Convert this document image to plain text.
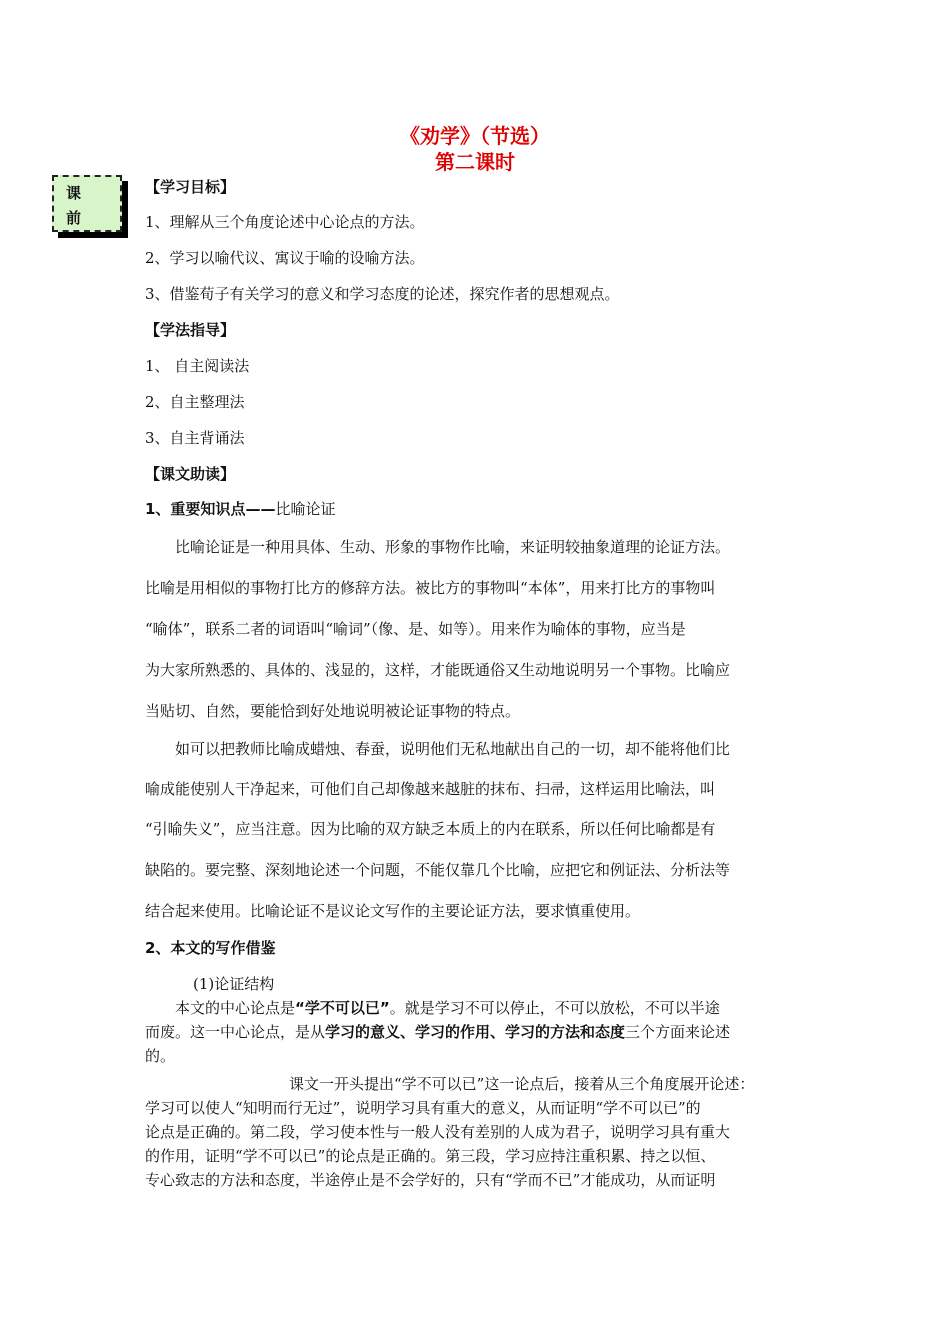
《劝学》（节选）
第二课时
课
前
【学习目标】
1、理解从三个角度论述中心论点的方法。
2、学习以喻代议、寓议于喻的设喻方法。
3、借鉴荀子有关学习的意义和学习态度的论述，探究作者的思想观点。
【学法指导】
1、 自主阅读法
2、自主整理法
3、自主背诵法
【课文助读】
1、重要知识点——比喻论证
　　比喻论证是一种用具体、生动、形象的事物作比喻，来证明较抽象道理的论证方法。
比喻是用相似的事物打比方的修辞方法。被比方的事物叫“本体”，用来打比方的事物叫
“喻体”，联系二者的词语叫“喻词”（像、是、如等）。用来作为喻体的事物，应当是
为大家所熟悉的、具体的、浅显的，这样，才能既通俗又生动地说明另一个事物。比喻应
当贴切、自然，要能恰到好处地说明被论证事物的特点。
　　如可以把教师比喻成蜡烛、春蚕，说明他们无私地献出自己的一切，却不能将他们比
喻成能使别人干净起来，可他们自己却像越来越脏的抹布、扫帚，这样运用比喻法，叫
“引喻失义”，应当注意。因为比喻的双方缺乏本质上的内在联系，所以任何比喻都是有
缺陷的。要完整、深刻地论述一个问题，不能仅靠几个比喻，应把它和例证法、分析法等
结合起来使用。比喻论证不是议论文写作的主要论证方法，要求慎重使用。
2、本文的写作借鉴
(1)论证结构
本文的中心论点是“学不可以已”。就是学习不可以停止，不可以放松，不可以半途
而废。这一中心论点，是从学习的意义、学习的作用、学习的方法和态度三个方面来论述
的。
课文一开头提出“学不可以已”这一论点后，接着从三个角度展开论述：
学习可以使人“知明而行无过”，说明学习具有重大的意义，从而证明“学不可以已”的
论点是正确的。第二段，学习使本性与一般人没有差别的人成为君子，说明学习具有重大
的作用，证明“学不可以已”的论点是正确的。第三段，学习应持注重积累、持之以恒、
专心致志的方法和态度，半途停止是不会学好的，只有“学而不已”才能成功，从而证明
